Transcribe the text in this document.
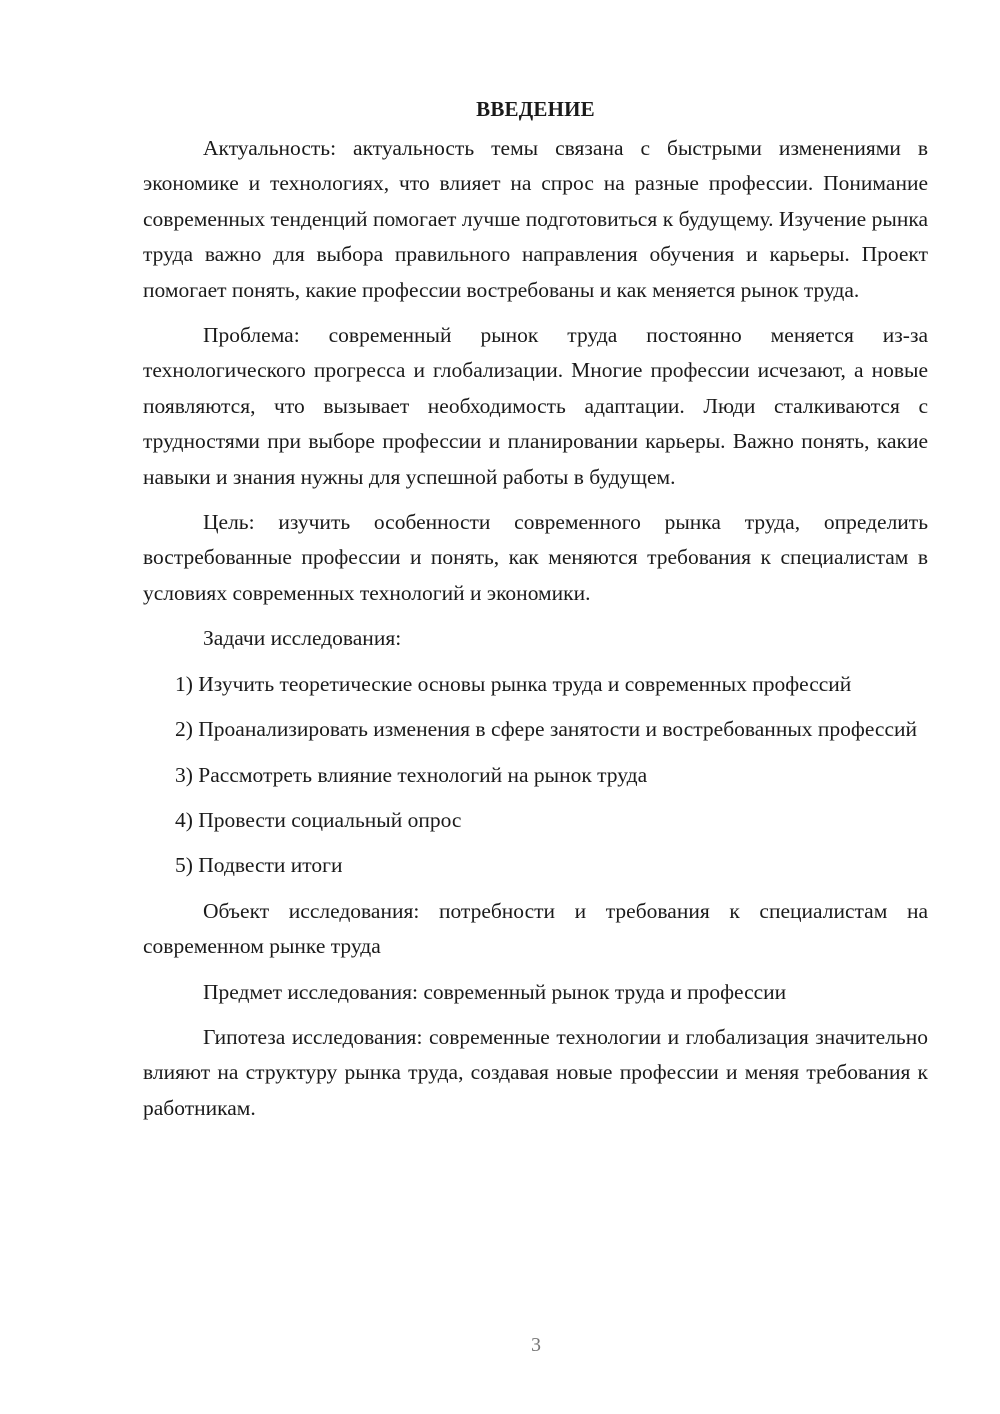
ВВЕДЕНИЕ

Актуальность: актуальность темы связана с быстрыми изменениями в экономике и технологиях, что влияет на спрос на разные профессии. Понимание современных тенденций помогает лучше подготовиться к будущему. Изучение рынка труда важно для выбора правильного направления обучения и карьеры. Проект помогает понять, какие профессии востребованы и как меняется рынок труда.

Проблема: современный рынок труда постоянно меняется из-за технологического прогресса и глобализации. Многие профессии исчезают, а новые появляются, что вызывает необходимость адаптации. Люди сталкиваются с трудностями при выборе профессии и планировании карьеры. Важно понять, какие навыки и знания нужны для успешной работы в будущем.

Цель: изучить особенности современного рынка труда, определить востребованные профессии и понять, как меняются требования к специалистам в условиях современных технологий и экономики.

Задачи исследования:

1) Изучить теоретические основы рынка труда и современных профессий

2) Проанализировать изменения в сфере занятости и востребованных профессий

3) Рассмотреть влияние технологий на рынок труда

4) Провести социальный опрос

5) Подвести итоги

Объект исследования: потребности и требования к специалистам на современном рынке труда

Предмет исследования: современный рынок труда и профессии

Гипотеза исследования: современные технологии и глобализация значительно влияют на структуру рынка труда, создавая новые профессии и меняя требования к работникам.

3
